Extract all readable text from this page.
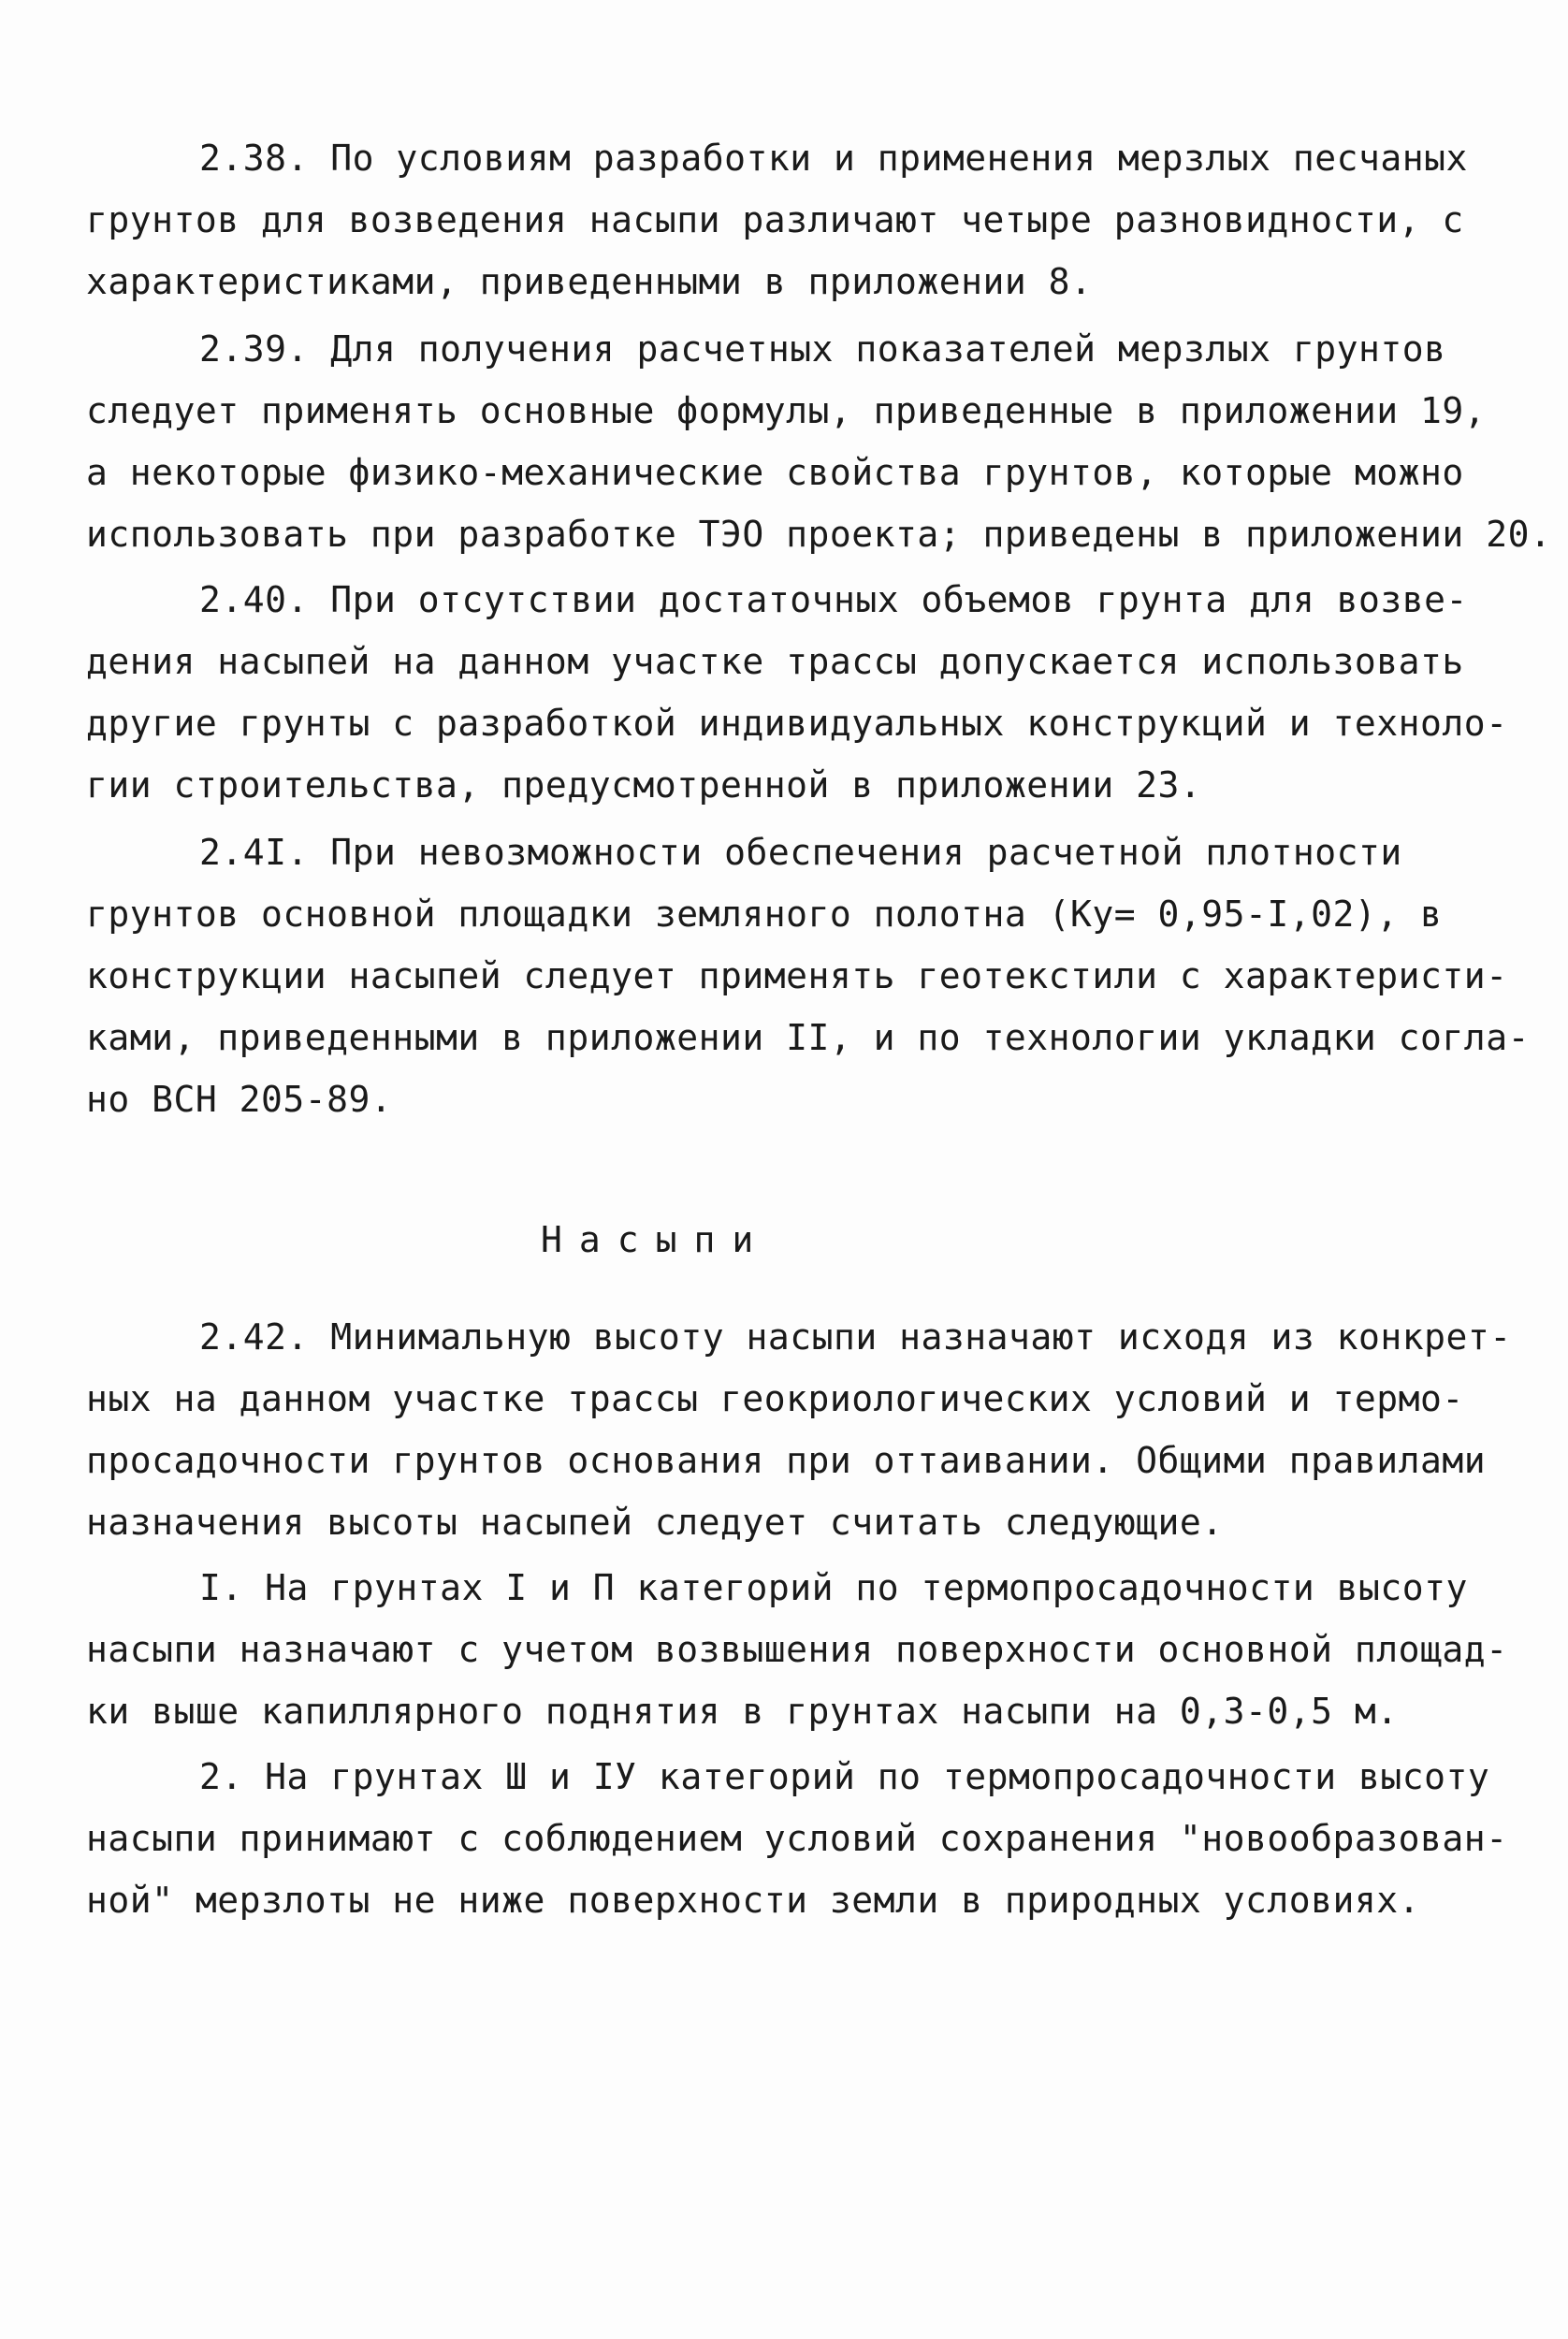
2.38. По условиям разработки и применения мерзлых песчаных
грунтов для возведения насыпи различают четыре разновидности, с
характеристиками, приведенными в приложении 8.
2.39. Для получения расчетных показателей мерзлых грунтов
следует применять основные формулы, приведенные в приложении 19,
а некоторые физико-механические свойства грунтов, которые можно
использовать при разработке ТЭО проекта; приведены в приложении 20.
2.40. При отсутствии достаточных объемов грунта для возве-
дения насыпей на данном участке трассы допускается использовать
другие грунты с разработкой индивидуальных конструкций и техноло-
гии строительства, предусмотренной в приложении 23.
2.4I. При невозможности обеспечения расчетной плотности
грунтов основной площадки земляного полотна (Ку= 0,95-I,02), в
конструкции насыпей следует применять геотекстили с характеристи-
ками, приведенными в приложении II, и по технологии укладки согла-
но ВСН 205-89.
Насыпи
2.42. Минимальную высоту насыпи назначают исходя из конкрет-
ных на данном участке трассы геокриологических условий и термо-
просадочности грунтов основания при оттаивании. Общими правилами
назначения высоты насыпей следует считать следующие.
I. На грунтах I и П категорий по термопросадочности высоту
насыпи назначают с учетом возвышения поверхности основной площад-
ки выше капиллярного поднятия в грунтах насыпи на 0,3-0,5 м.
2. На грунтах Ш и IУ категорий по термопросадочности высоту
насыпи принимают с соблюдением условий сохранения "новообразован-
ной" мерзлоты не ниже поверхности земли в природных условиях.
